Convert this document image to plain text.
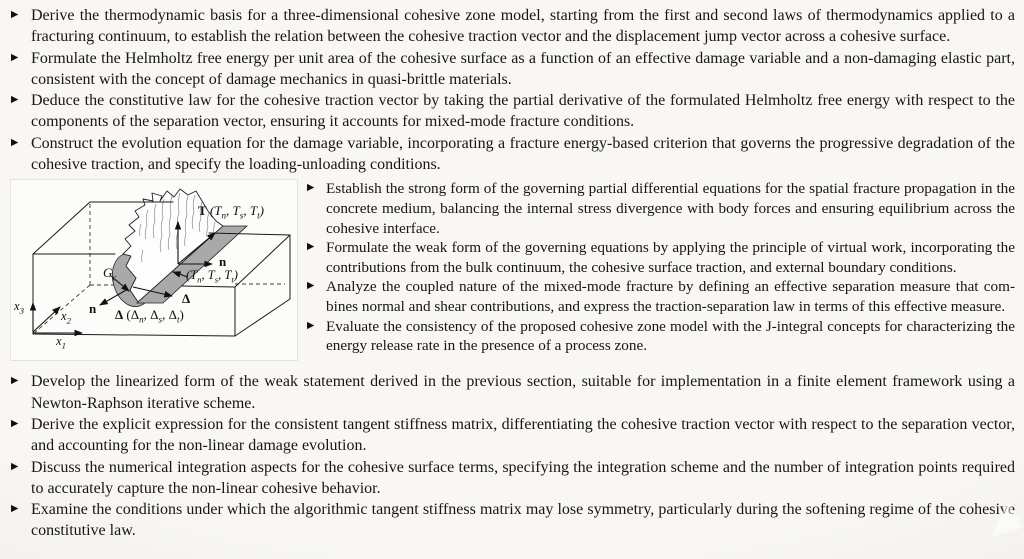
▶ Derive the thermodynamic basis for a three-dimensional cohesive zone model, starting from the first and second laws of thermodynamics applied to a fracturing continuum, to establish the relation between the cohesive traction vector and the displacement jump vector across a cohesive surface.
▶ Formulate the Helmholtz free energy per unit area of the cohesive surface as a function of an effective damage variable and a non-damaging elastic part, consistent with the concept of damage mechanics in quasi-brittle materials.
▶ Deduce the constitutive law for the cohesive traction vector by taking the partial derivative of the formulated Helmholtz free energy with respect to the components of the separation vector, ensuring it accounts for mixed-mode fracture conditions.
▶ Construct the evolution equation for the damage variable, incorporating a fracture energy-based criterion that governs the progressive degradation of the cohesive traction, and specify the loading-unloading conditions.
T ($T_n$, $T_s$, $T_t$)
n
($T_n$, $T_s$, $T_t$)
$G_c$
Δ
Δ ($\Delta_n$, $\Delta_s$, $\Delta_t$)
n
$x_3$	$x_2$
$x_1$
▶ Establish the strong form of the governing partial differential equations for the spatial fracture propagation in the concrete medium, balancing the internal stress divergence with body forces and ensuring equilibrium across the cohesive interface.
▶ Formulate the weak form of the governing equations by applying the principle of virtual work, incorporating the contributions from the bulk continuum, the cohesive surface traction, and external boundary conditions.
▶ Analyze the coupled nature of the mixed-mode fracture by defining an effective separation measure that combines normal and shear contributions, and express the traction-separation law in terms of this effective measure.
▶ Evaluate the consistency of the proposed cohesive zone model with the J-integral concepts for characterizing the energy release rate in the presence of a process zone.
▶ Develop the linearized form of the weak statement derived in the previous section, suitable for implementation in a finite element framework using a Newton-Raphson iterative scheme.
▶ Derive the explicit expression for the consistent tangent stiffness matrix, differentiating the cohesive traction vector with respect to the separation vector, and accounting for the non-linear damage evolution.
▶ Discuss the numerical integration aspects for the cohesive surface terms, specifying the integration scheme and the number of integration points required to accurately capture the non-linear cohesive behavior.
▶ Examine the conditions under which the algorithmic tangent stiffness matrix may lose symmetry, particularly during the softening regime of the cohesive constitutive law.
